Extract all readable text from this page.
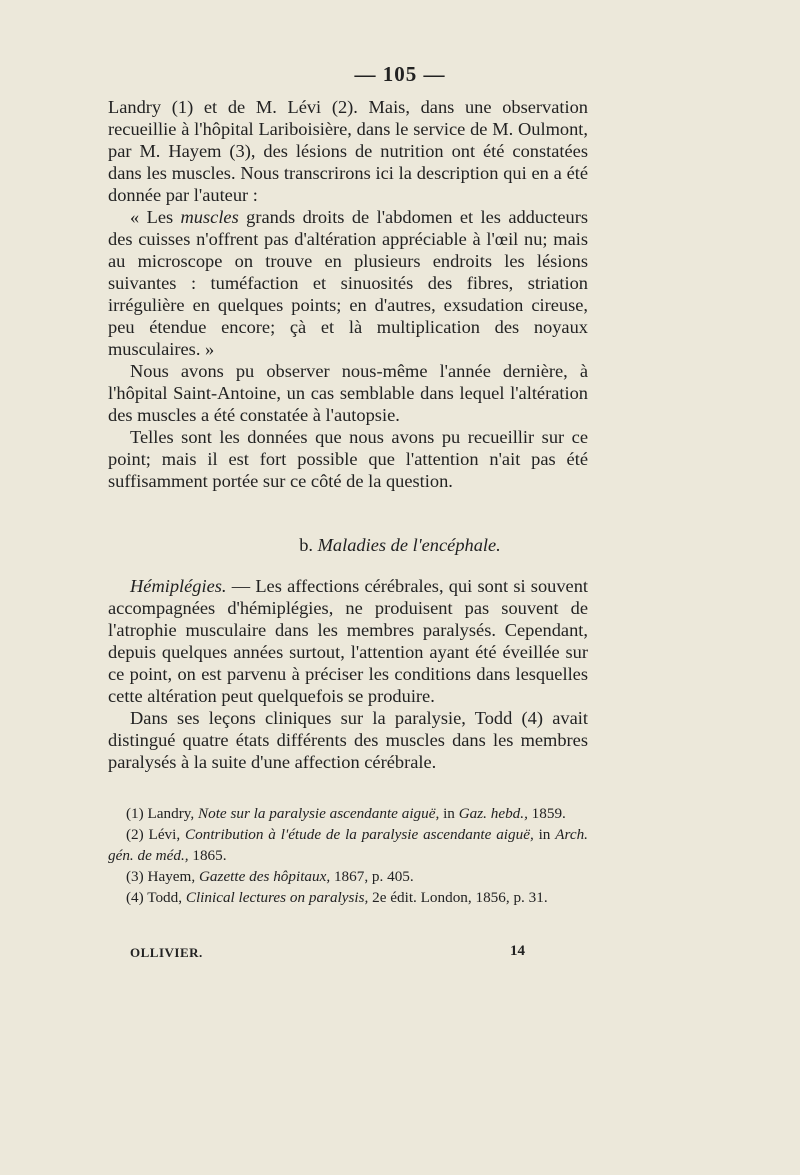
— 105 —

Landry (1) et de M. Lévi (2). Mais, dans une observation recueillie à l'hôpital Lariboisière, dans le service de M. Oulmont, par M. Hayem (3), des lésions de nutrition ont été constatées dans les muscles. Nous transcrirons ici la description qui en a été donnée par l'auteur :

« Les muscles grands droits de l'abdomen et les adducteurs des cuisses n'offrent pas d'altération appréciable à l'œil nu; mais au microscope on trouve en plusieurs endroits les lésions suivantes : tuméfaction et sinuosités des fibres, striation irrégulière en quelques points; en d'autres, exsudation cireuse, peu étendue encore; çà et là multiplication des noyaux musculaires. »

Nous avons pu observer nous-même l'année dernière, à l'hôpital Saint-Antoine, un cas semblable dans lequel l'altération des muscles a été constatée à l'autopsie.

Telles sont les données que nous avons pu recueillir sur ce point; mais il est fort possible que l'attention n'ait pas été suffisamment portée sur ce côté de la question.

b. Maladies de l'encéphale.

Hémiplégies. — Les affections cérébrales, qui sont si souvent accompagnées d'hémiplégies, ne produisent pas souvent de l'atrophie musculaire dans les membres paralysés. Cependant, depuis quelques années surtout, l'attention ayant été éveillée sur ce point, on est parvenu à préciser les conditions dans lesquelles cette altération peut quelquefois se produire.

Dans ses leçons cliniques sur la paralysie, Todd (4) avait distingué quatre états différents des muscles dans les membres paralysés à la suite d'une affection cérébrale.

(1) Landry, Note sur la paralysie ascendante aiguë, in Gaz. hebd., 1859.

(2) Lévi, Contribution à l'étude de la paralysie ascendante aiguë, in Arch. gén. de méd., 1865.

(3) Hayem, Gazette des hôpitaux, 1867, p. 405.

(4) Todd, Clinical lectures on paralysis, 2e édit. London, 1856, p. 31.

OLLIVIER.	14
